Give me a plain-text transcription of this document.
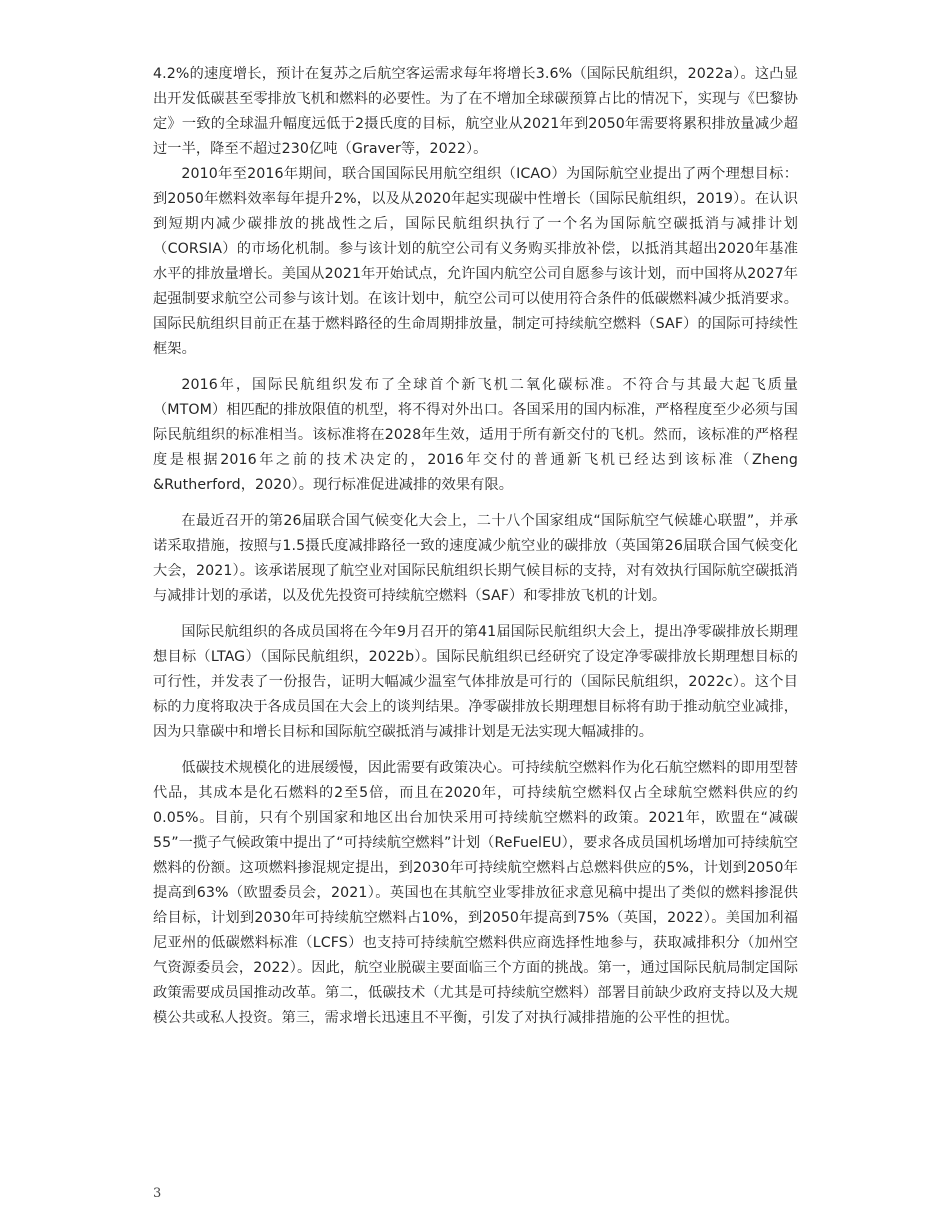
4.2%的速度增长，预计在复苏之后航空客运需求每年将增长3.6%（国际民航组织，2022a）。这凸显出开发低碳甚至零排放飞机和燃料的必要性。为了在不增加全球碳预算占比的情况下，实现与《巴黎协定》一致的全球温升幅度远低于2摄氏度的目标，航空业从2021年到2050年需要将累积排放量减少超过一半，降至不超过230亿吨（Graver等，2022）。

2010年至2016年期间，联合国国际民用航空组织（ICAO）为国际航空业提出了两个理想目标：到2050年燃料效率每年提升2%，以及从2020年起实现碳中性增长（国际民航组织，2019）。在认识到短期内减少碳排放的挑战性之后，国际民航组织执行了一个名为国际航空碳抵消与减排计划（CORSIA）的市场化机制。参与该计划的航空公司有义务购买排放补偿，以抵消其超出2020年基准水平的排放量增长。美国从2021年开始试点，允许国内航空公司自愿参与该计划，而中国将从2027年起强制要求航空公司参与该计划。在该计划中，航空公司可以使用符合条件的低碳燃料减少抵消要求。国际民航组织目前正在基于燃料路径的生命周期排放量，制定可持续航空燃料（SAF）的国际可持续性框架。

2016年，国际民航组织发布了全球首个新飞机二氧化碳标准。不符合与其最大起飞质量（MTOM）相匹配的排放限值的机型，将不得对外出口。各国采用的国内标准，严格程度至少必须与国际民航组织的标准相当。该标准将在2028年生效，适用于所有新交付的飞机。然而，该标准的严格程度是根据2016年之前的技术决定的，2016年交付的普通新飞机已经达到该标准（Zheng &Rutherford，2020）。现行标准促进减排的效果有限。

在最近召开的第26届联合国气候变化大会上，二十八个国家组成“国际航空气候雄心联盟”，并承诺采取措施，按照与1.5摄氏度减排路径一致的速度减少航空业的碳排放（英国第26届联合国气候变化大会，2021）。该承诺展现了航空业对国际民航组织长期气候目标的支持，对有效执行国际航空碳抵消与减排计划的承诺，以及优先投资可持续航空燃料（SAF）和零排放飞机的计划。

国际民航组织的各成员国将在今年9月召开的第41届国际民航组织大会上，提出净零碳排放长期理想目标（LTAG）（国际民航组织，2022b）。国际民航组织已经研究了设定净零碳排放长期理想目标的可行性，并发表了一份报告，证明大幅减少温室气体排放是可行的（国际民航组织，2022c）。这个目标的力度将取决于各成员国在大会上的谈判结果。净零碳排放长期理想目标将有助于推动航空业减排，因为只靠碳中和增长目标和国际航空碳抵消与减排计划是无法实现大幅减排的。

低碳技术规模化的进展缓慢，因此需要有政策决心。可持续航空燃料作为化石航空燃料的即用型替代品，其成本是化石燃料的2至5倍，而且在2020年，可持续航空燃料仅占全球航空燃料供应的约0.05%。目前，只有个别国家和地区出台加快采用可持续航空燃料的政策。2021年，欧盟在“减碳55”一揽子气候政策中提出了“可持续航空燃料”计划（ReFuelEU），要求各成员国机场增加可持续航空燃料的份额。这项燃料掺混规定提出，到2030年可持续航空燃料占总燃料供应的5%，计划到2050年提高到63%（欧盟委员会，2021）。英国也在其航空业零排放征求意见稿中提出了类似的燃料掺混供给目标，计划到2030年可持续航空燃料占10%，到2050年提高到75%（英国，2022）。美国加利福尼亚州的低碳燃料标准（LCFS）也支持可持续航空燃料供应商选择性地参与，获取减排积分（加州空气资源委员会，2022）。因此，航空业脱碳主要面临三个方面的挑战。第一，通过国际民航局制定国际政策需要成员国推动改革。第二，低碳技术（尤其是可持续航空燃料）部署目前缺少政府支持以及大规模公共或私人投资。第三，需求增长迅速且不平衡，引发了对执行减排措施的公平性的担忧。

3
